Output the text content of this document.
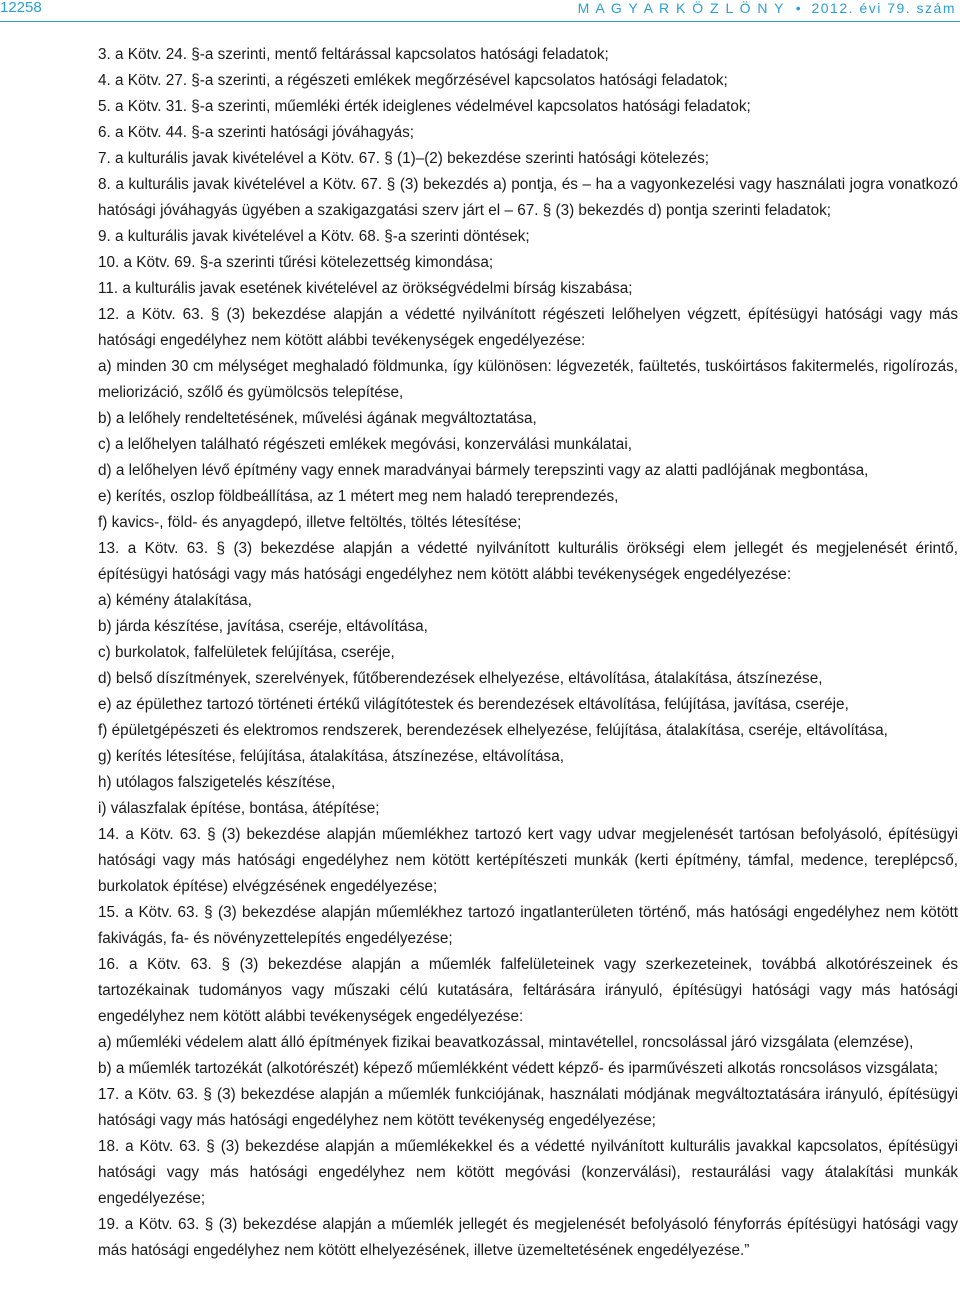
12258	M A G Y A R K Ö Z L Ö N Y • 2012. évi 79. szám

3. a Kötv. 24. §-a szerinti, mentő feltárással kapcsolatos hatósági feladatok;

4. a Kötv. 27. §-a szerinti, a régészeti emlékek megőrzésével kapcsolatos hatósági feladatok;

5. a Kötv. 31. §-a szerinti, műemléki érték ideiglenes védelmével kapcsolatos hatósági feladatok;

6. a Kötv. 44. §-a szerinti hatósági jóváhagyás;

7. a kulturális javak kivételével a Kötv. 67. § (1)–(2) bekezdése szerinti hatósági kötelezés;

8. a kulturális javak kivételével a Kötv. 67. § (3) bekezdés a) pontja, és – ha a vagyonkezelési vagy használati jogra vonatkozó hatósági jóváhagyás ügyében a szakigazgatási szerv járt el – 67. § (3) bekezdés d) pontja szerinti feladatok;

9. a kulturális javak kivételével a Kötv. 68. §-a szerinti döntések;

10. a Kötv. 69. §-a szerinti tűrési kötelezettség kimondása;

11. a kulturális javak esetének kivételével az örökségvédelmi bírság kiszabása;

12. a Kötv. 63. § (3) bekezdése alapján a védetté nyilvánított régészeti lelőhelyen végzett, építésügyi hatósági vagy más hatósági engedélyhez nem kötött alábbi tevékenységek engedélyezése:

a) minden 30 cm mélységet meghaladó földmunka, így különösen: légvezeték, faültetés, tuskóirtásos fakitermelés, rigolírozás, meliorizáció, szőlő és gyümölcsös telepítése,

b) a lelőhely rendeltetésének, művelési ágának megváltoztatása,

c) a lelőhelyen található régészeti emlékek megóvási, konzerválási munkálatai,

d) a lelőhelyen lévő építmény vagy ennek maradványai bármely terepszinti vagy az alatti padlójának megbontása,

e) kerítés, oszlop földbeállítása, az 1 métert meg nem haladó tereprendezés,

f) kavics-, föld- és anyagdepó, illetve feltöltés, töltés létesítése;

13. a Kötv. 63. § (3) bekezdése alapján a védetté nyilvánított kulturális örökségi elem jellegét és megjelenését érintő, építésügyi hatósági vagy más hatósági engedélyhez nem kötött alábbi tevékenységek engedélyezése:

a) kémény átalakítása,

b) járda készítése, javítása, cseréje, eltávolítása,

c) burkolatok, falfelületek felújítása, cseréje,

d) belső díszítmények, szerelvények, fűtőberendezések elhelyezése, eltávolítása, átalakítása, átszínezése,

e) az épülethez tartozó történeti értékű világítótestek és berendezések eltávolítása, felújítása, javítása, cseréje,

f) épületgépészeti és elektromos rendszerek, berendezések elhelyezése, felújítása, átalakítása, cseréje, eltávolítása,

g) kerítés létesítése, felújítása, átalakítása, átszínezése, eltávolítása,

h) utólagos falszigetelés készítése,

i) válaszfalak építése, bontása, átépítése;

14. a Kötv. 63. § (3) bekezdése alapján műemlékhez tartozó kert vagy udvar megjelenését tartósan befolyásoló, építésügyi hatósági vagy más hatósági engedélyhez nem kötött kertépítészeti munkák (kerti építmény, támfal, medence, tereplépcső, burkolatok építése) elvégzésének engedélyezése;

15. a Kötv. 63. § (3) bekezdése alapján műemlékhez tartozó ingatlanterületen történő, más hatósági engedélyhez nem kötött fakivágás, fa- és növényzettelepítés engedélyezése;

16. a Kötv. 63. § (3) bekezdése alapján a műemlék falfelületeinek vagy szerkezeteinek, továbbá alkotórészeinek és tartozékainak tudományos vagy műszaki célú kutatására, feltárására irányuló, építésügyi hatósági vagy más hatósági engedélyhez nem kötött alábbi tevékenységek engedélyezése:

a) műemléki védelem alatt álló építmények fizikai beavatkozással, mintavétellel, roncsolással járó vizsgálata (elemzése),

b) a műemlék tartozékát (alkotórészét) képező műemlékként védett képző- és iparművészeti alkotás roncsolásos vizsgálata;

17. a Kötv. 63. § (3) bekezdése alapján a műemlék funkciójának, használati módjának megváltoztatására irányuló, építésügyi hatósági vagy más hatósági engedélyhez nem kötött tevékenység engedélyezése;

18. a Kötv. 63. § (3) bekezdése alapján a műemlékekkel és a védetté nyilvánított kulturális javakkal kapcsolatos, építésügyi hatósági vagy más hatósági engedélyhez nem kötött megóvási (konzerválási), restaurálási vagy átalakítási munkák engedélyezése;

19. a Kötv. 63. § (3) bekezdése alapján a műemlék jellegét és megjelenését befolyásoló fényforrás építésügyi hatósági vagy más hatósági engedélyhez nem kötött elhelyezésének, illetve üzemeltetésének engedélyezése.”
